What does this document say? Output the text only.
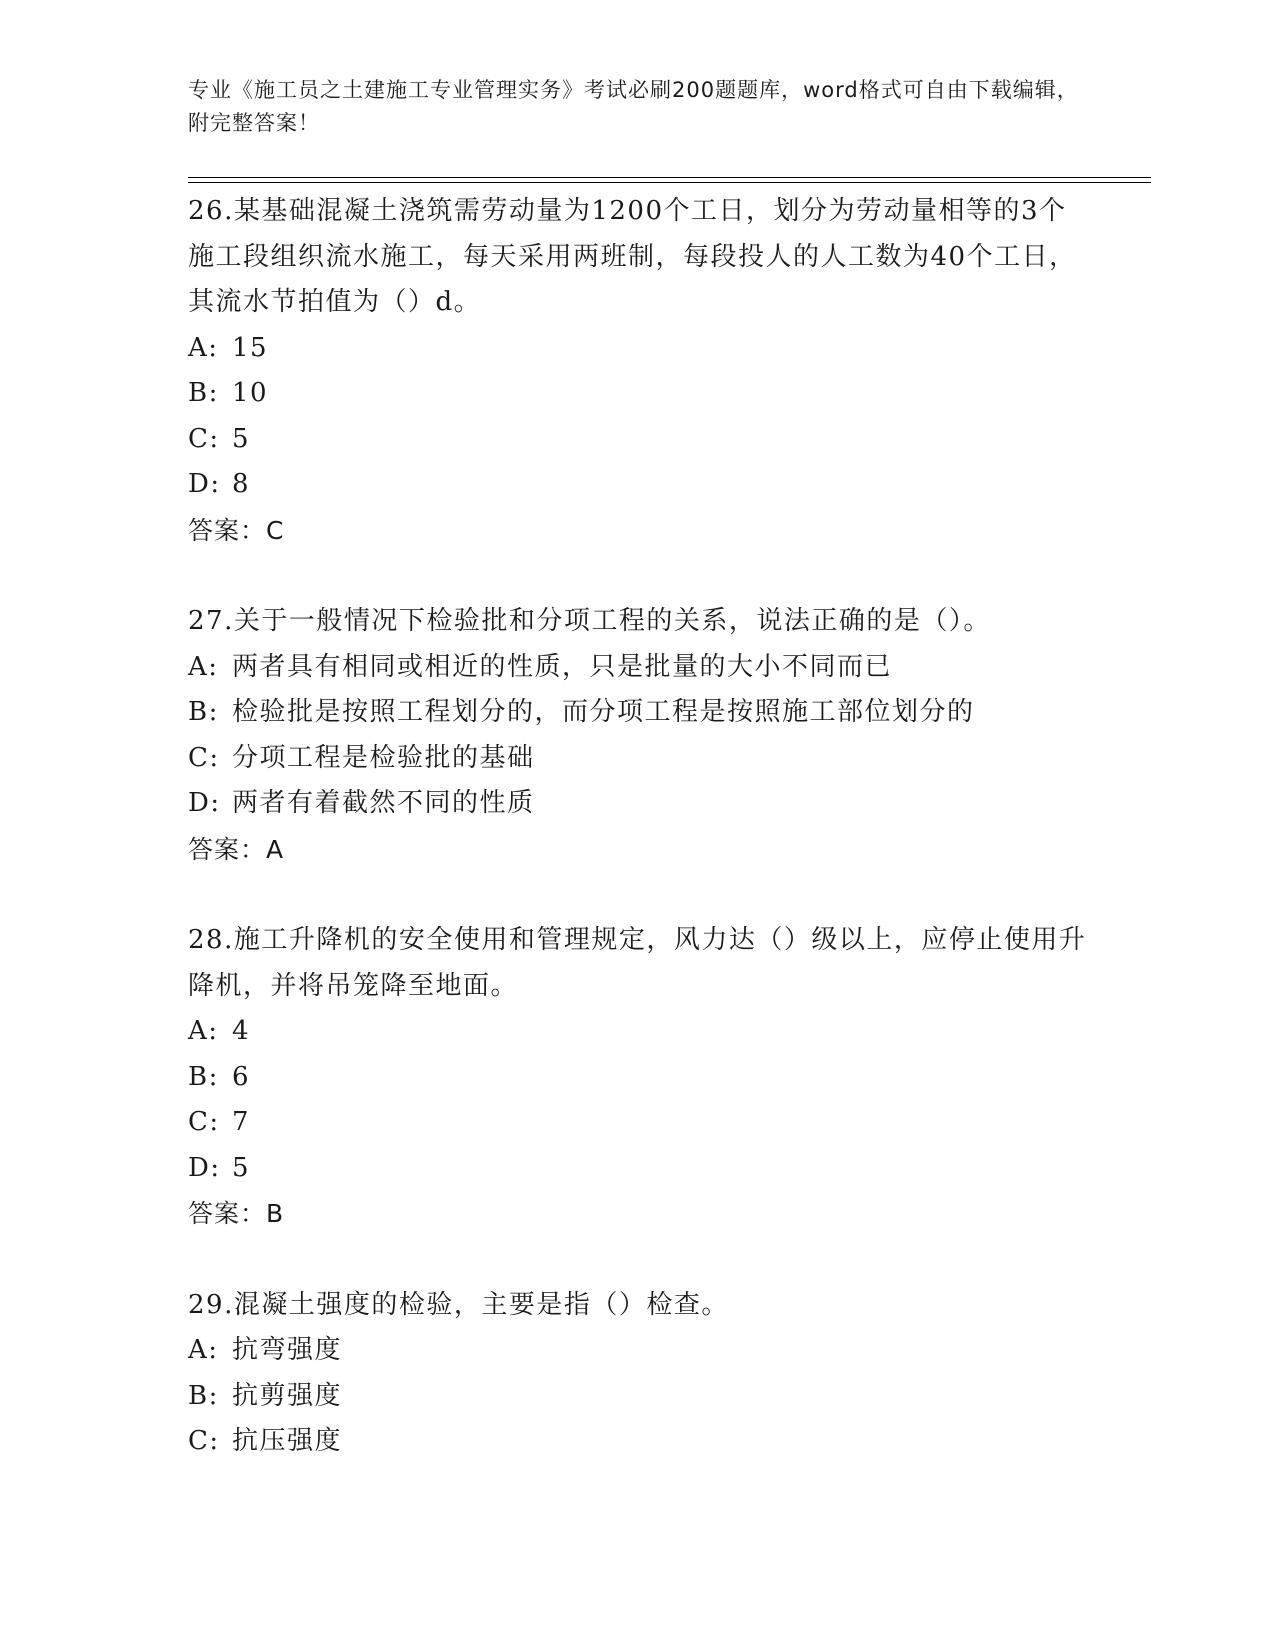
专业《施工员之土建施工专业管理实务》考试必刷200题题库，word格式可自由下载编辑，附完整答案！

26.某基础混凝土浇筑需劳动量为1200个工日，划分为劳动量相等的3个施工段组织流水施工，每天采用两班制，每段投人的人工数为40个工日，其流水节拍值为（）d。

A: 15
B: 10
C: 5
D: 8
答案：C

27.关于一般情况下检验批和分项工程的关系，说法正确的是（）。

A: 两者具有相同或相近的性质，只是批量的大小不同而已
B: 检验批是按照工程划分的，而分项工程是按照施工部位划分的
C: 分项工程是检验批的基础
D: 两者有着截然不同的性质
答案：A

28.施工升降机的安全使用和管理规定，风力达（）级以上，应停止使用升降机，并将吊笼降至地面。

A: 4
B: 6
C: 7
D: 5
答案：B

29.混凝土强度的检验，主要是指（）检查。

A: 抗弯强度
B: 抗剪强度
C: 抗压强度
